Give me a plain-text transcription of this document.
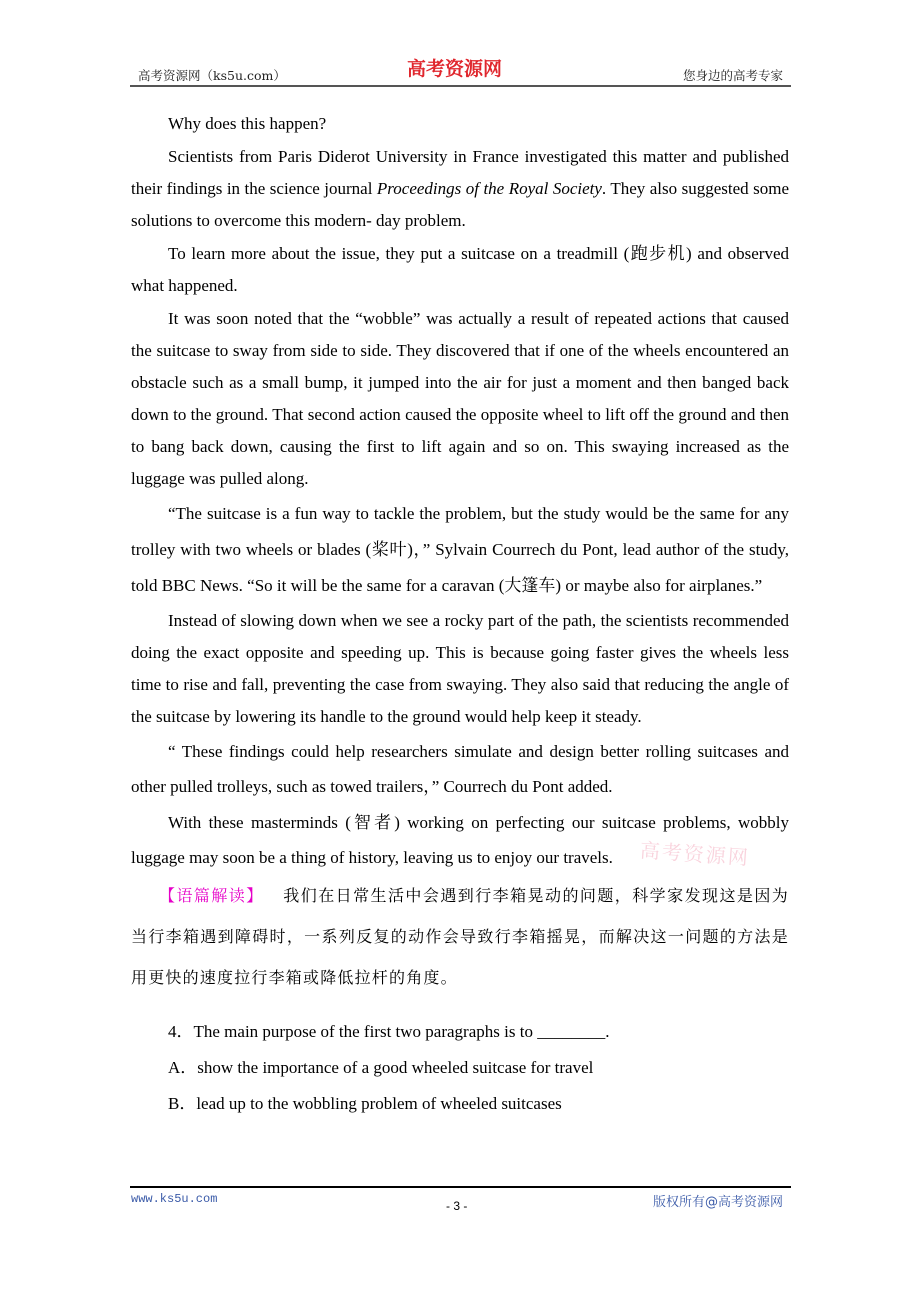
高考资源网（ks5u.com）	高考资源网	您身边的高考专家

Why does this happen?

Scientists from Paris Diderot University in France investigated this matter and published their findings in the science journal Proceedings of the Royal Society. They also suggested some solutions to overcome this modern- day problem.

To learn more about the issue, they put a suitcase on a treadmill (跑步机) and observed what happened.

It was soon noted that the “wobble” was actually a result of repeated actions that caused the suitcase to sway from side to side. They discovered that if one of the wheels encountered an obstacle such as a small bump, it jumped into the air for just a moment and then banged back down to the ground. That second action caused the opposite wheel to lift off the ground and then to bang back down, causing the first to lift again and so on. This swaying increased as the luggage was pulled along.

“The suitcase is a fun way to tackle the problem, but the study would be the same for any trolley with two wheels or blades (桨叶)，” Sylvain Courrech du Pont, lead author of the study, told BBC News. “So it will be the same for a caravan (大篷车) or maybe also for airplanes.”

Instead of slowing down when we see a rocky part of the path, the scientists recommended doing the exact opposite and speeding up. This is because going faster gives the wheels less time to rise and fall, preventing the case from swaying. They also said that reducing the angle of the suitcase by lowering its handle to the ground would help keep it steady.

“ These findings could help researchers simulate and design better rolling suitcases and other pulled trolleys, such as towed trailers，” Courrech du Pont added.

With these masterminds (智者) working on perfecting our suitcase problems, wobbly luggage may soon be a thing of history, leaving us to enjoy our travels.

【语篇解读】 我们在日常生活中会遇到行李箱晃动的问题，科学家发现这是因为当行李箱遇到障碍时，一系列反复的动作会导致行李箱摇晃，而解决这一问题的方法是用更快的速度拉行李箱或降低拉杆的角度。

4．The main purpose of the first two paragraphs is to ________.

A．show the importance of a good wheeled suitcase for travel

B．lead up to the wobbling problem of wheeled suitcases

高考资源网
www.ks5u.com	- 3 -	版权所有@高考资源网
